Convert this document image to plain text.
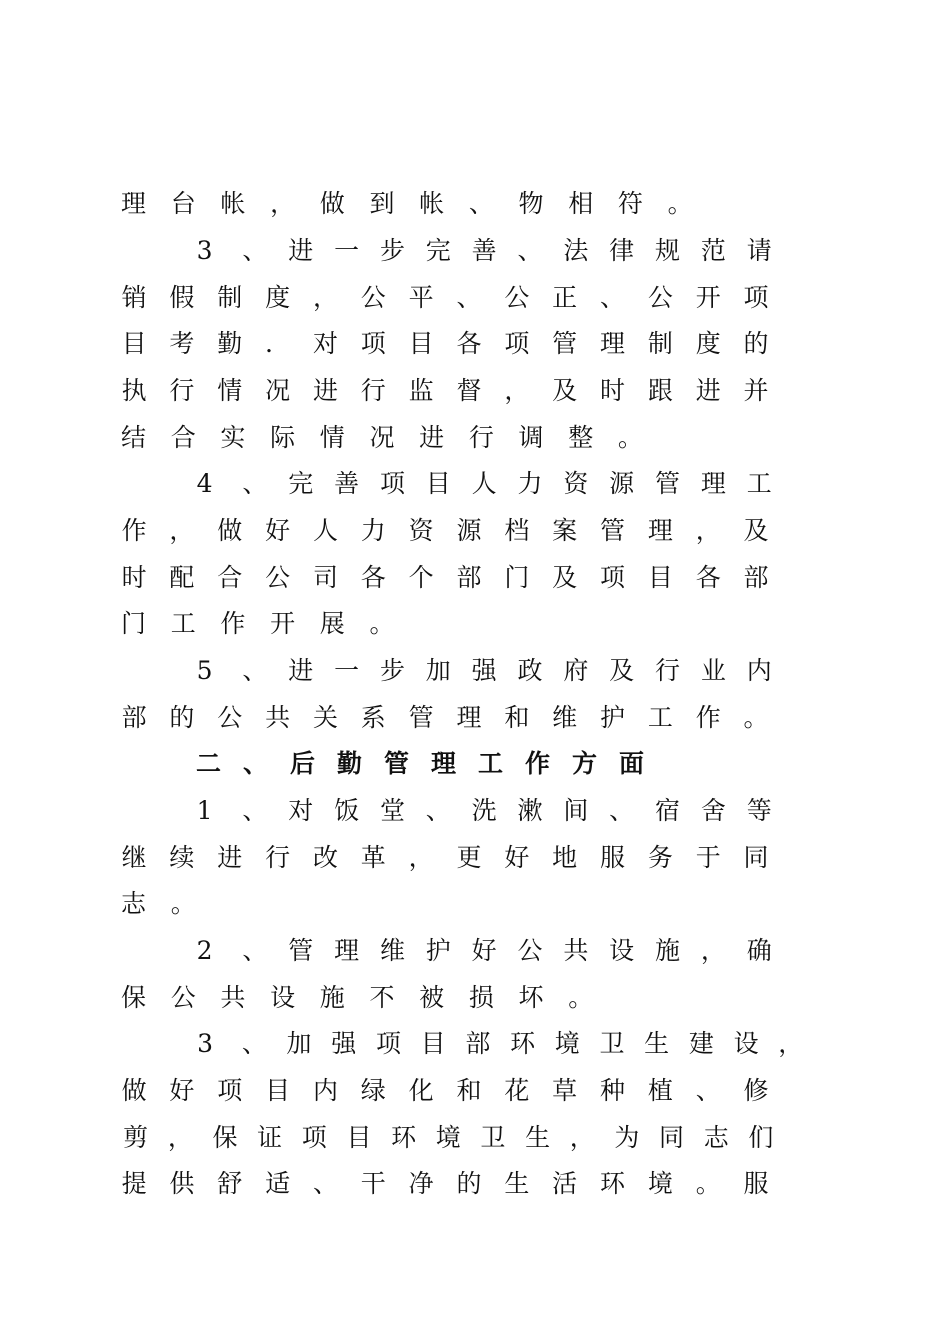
理 台 帐 ， 做 到 帐 、 物 相 符 。
3 、 进 一 步 完 善 、 法 律 规 范 请
销 假 制 度 ， 公 平 、 公 正 、 公 开 项
目 考 勤 ． 对 项 目 各 项 管 理 制 度 的
执 行 情 况 进 行 监 督 ， 及 时 跟 进 并
结 合 实 际 情 况 进 行 调 整 。
4 、 完 善 项 目 人 力 资 源 管 理 工
作 ， 做 好 人 力 资 源 档 案 管 理 ， 及
时 配 合 公 司 各 个 部 门 及 项 目 各 部
门 工 作 开 展 。
5 、 进 一 步 加 强 政 府 及 行 业 内
部 的 公 共 关 系 管 理 和 维 护 工 作 。
二 、 后 勤 管 理 工 作 方 面
1 、 对 饭 堂 、 洗 漱 间 、 宿 舍 等
继 续 进 行 改 革 ， 更 好 地 服 务 于 同
志 。
2 、 管 理 维 护 好 公 共 设 施 ， 确
保 公 共 设 施 不 被 损 坏 。
3 、 加 强 项 目 部 环 境 卫 生 建 设 ，
做 好 项 目 内 绿 化 和 花 草 种 植 、 修
剪 ， 保 证 项 目 环 境 卫 生 ， 为 同 志 们
提 供 舒 适 、 干 净 的 生 活 环 境 。 服
